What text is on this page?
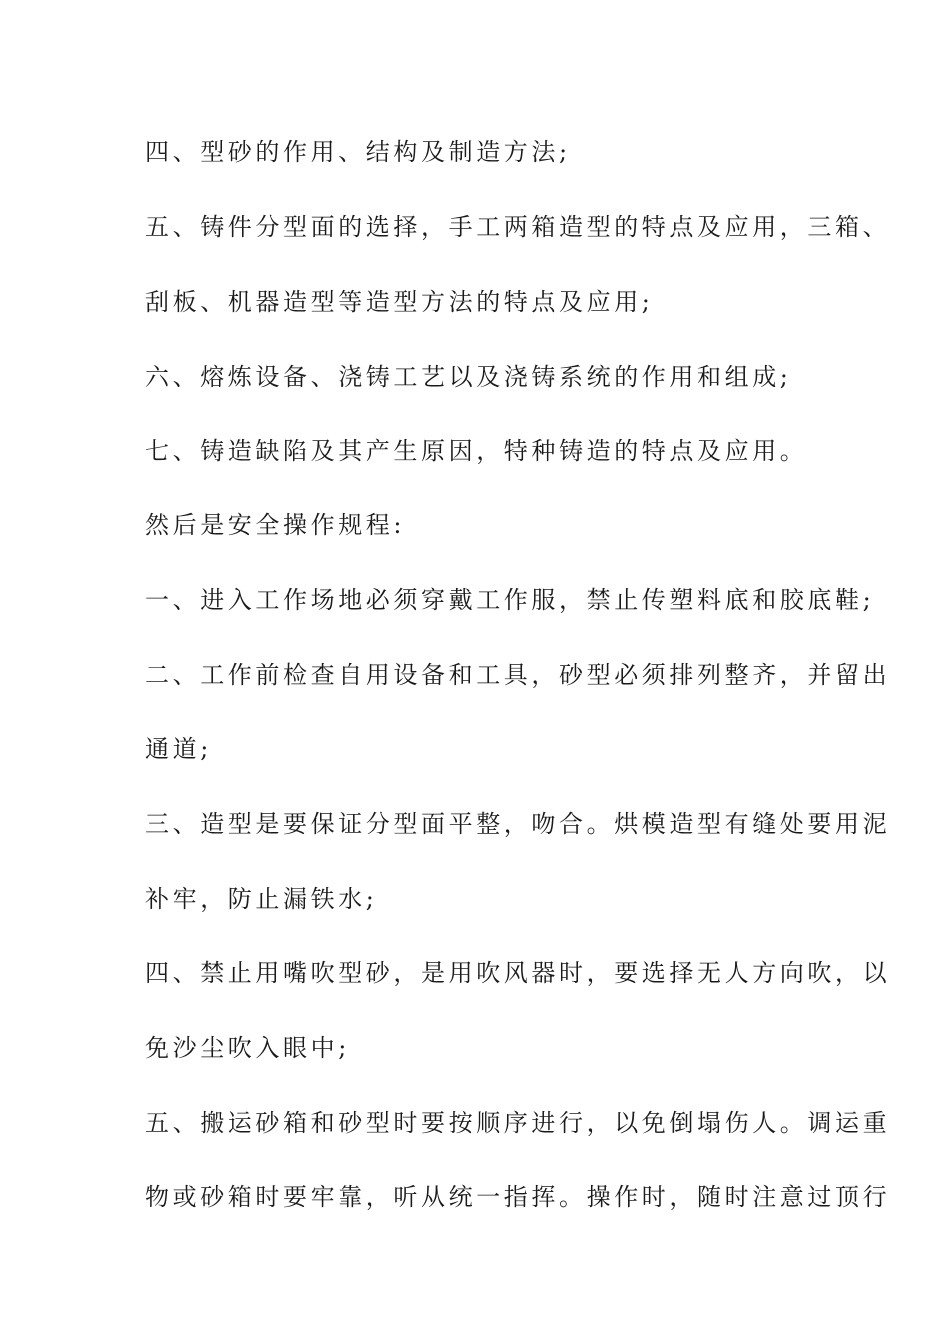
四、型砂的作用、结构及制造方法;
五、铸件分型面的选择，手工两箱造型的特点及应用，三箱、
刮板、机器造型等造型方法的特点及应用;
六、熔炼设备、浇铸工艺以及浇铸系统的作用和组成;
七、铸造缺陷及其产生原因，特种铸造的特点及应用。
然后是安全操作规程:
一、进入工作场地必须穿戴工作服，禁止传塑料底和胶底鞋;
二、工作前检查自用设备和工具，砂型必须排列整齐，并留出
通道;
三、造型是要保证分型面平整，吻合。烘模造型有缝处要用泥
补牢，防止漏铁水;
四、禁止用嘴吹型砂，是用吹风器时，要选择无人方向吹，以
免沙尘吹入眼中;
五、搬运砂箱和砂型时要按顺序进行，以免倒塌伤人。调运重
物或砂箱时要牢靠，听从统一指挥。操作时，随时注意过顶行
